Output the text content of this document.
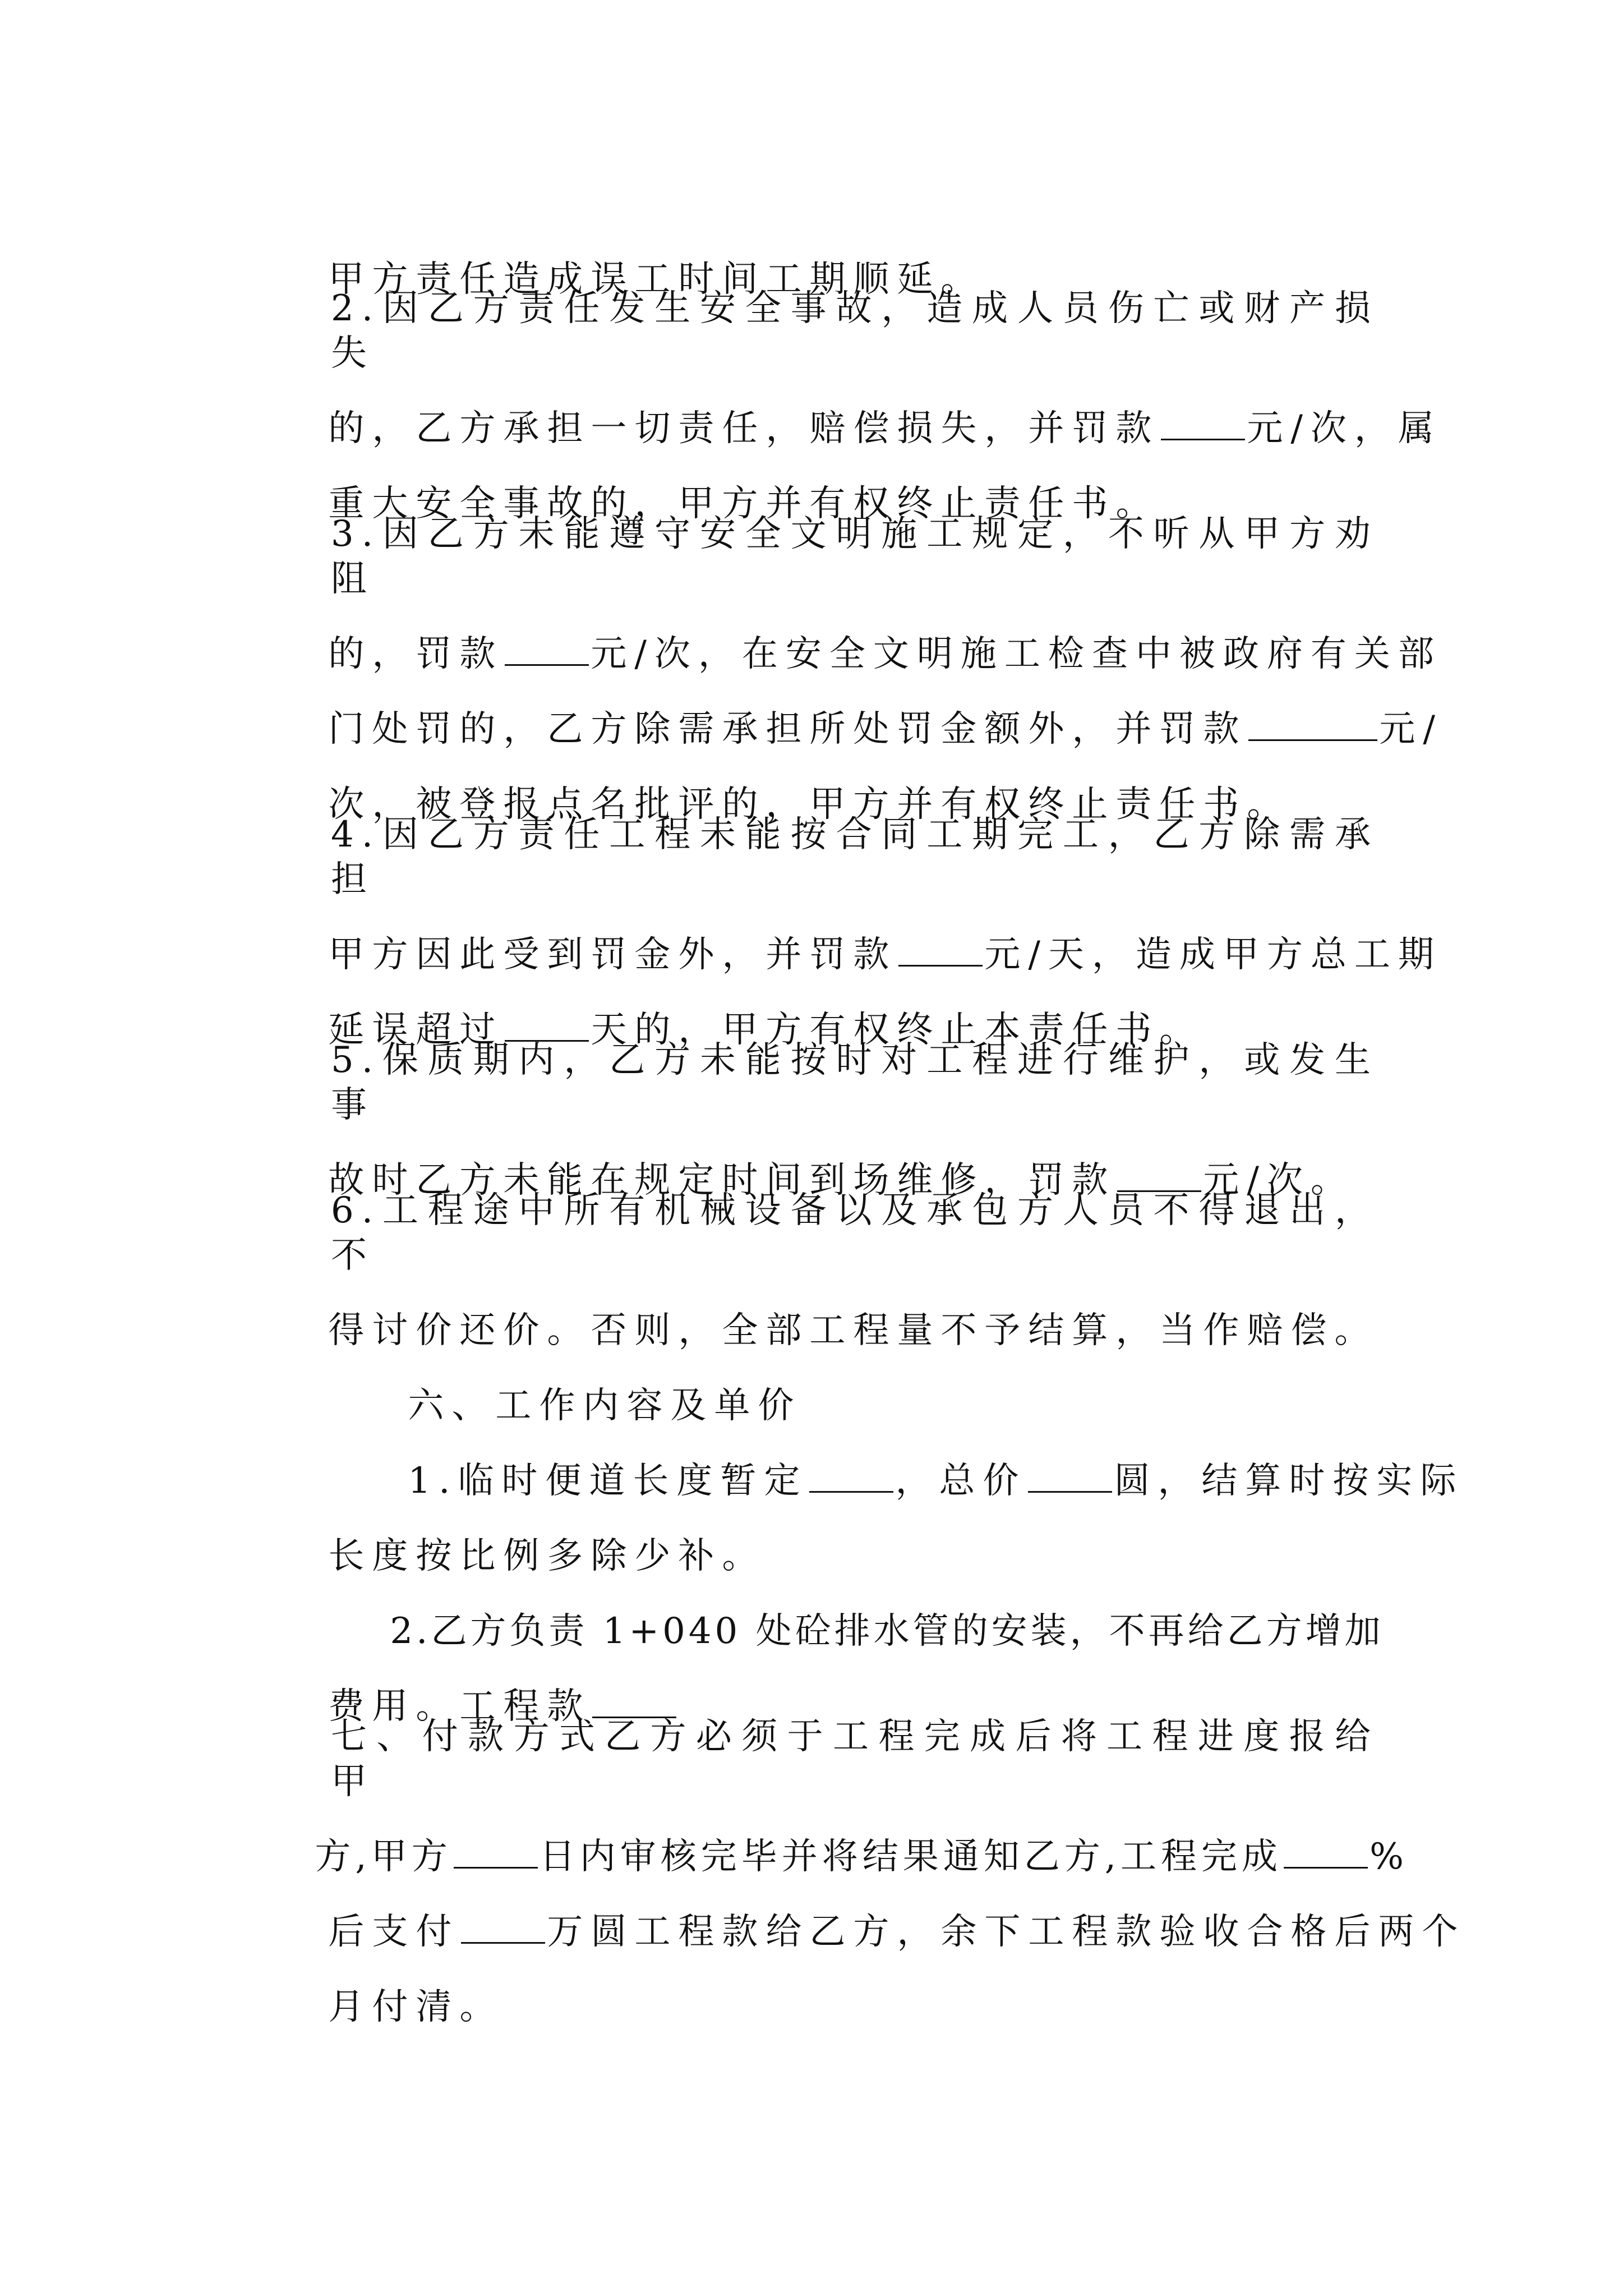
甲方责任造成误工时间工期顺延。

2.因乙方责任发生安全事故，造成人员伤亡或财产损失

的，乙方承担一切责任，赔偿损失，并罚款 元/次，属

重大安全事故的，甲方并有权终止责任书。

3.因乙方未能遵守安全文明施工规定，不听从甲方劝阻

的，罚款 元/次，在安全文明施工检查中被政府有关部

门处罚的，乙方除需承担所处罚金额外，并罚款	元/

次，被登报点名批评的，甲方并有权终止责任书。

4.因乙方责任工程未能按合同工期完工，乙方除需承担

甲方因此受到罚金外，并罚款 元/天，造成甲方总工期

延误超过 天的，甲方有权终止本责任书。

5.保质期内，乙方未能按时对工程进行维护，或发生事

故时乙方未能在规定时间到场维修，罚款 元/次。

6.工程途中所有机械设备以及承包方人员不得退出，不

得讨价还价。否则，全部工程量不予结算，当作赔偿。

六、工作内容及单价

1.临时便道长度暂定 ，总价 圆，结算时按实际

长度按比例多除少补。

2.乙方负责 1+040 处砼排水管的安装，不再给乙方增加

费用。工程款

七、付款方式乙方必须于工程完成后将工程进度报给甲

方,甲方 日内审核完毕并将结果通知乙方,工程完成 %

后支付 万圆工程款给乙方，余下工程款验收合格后两个

月付清。
